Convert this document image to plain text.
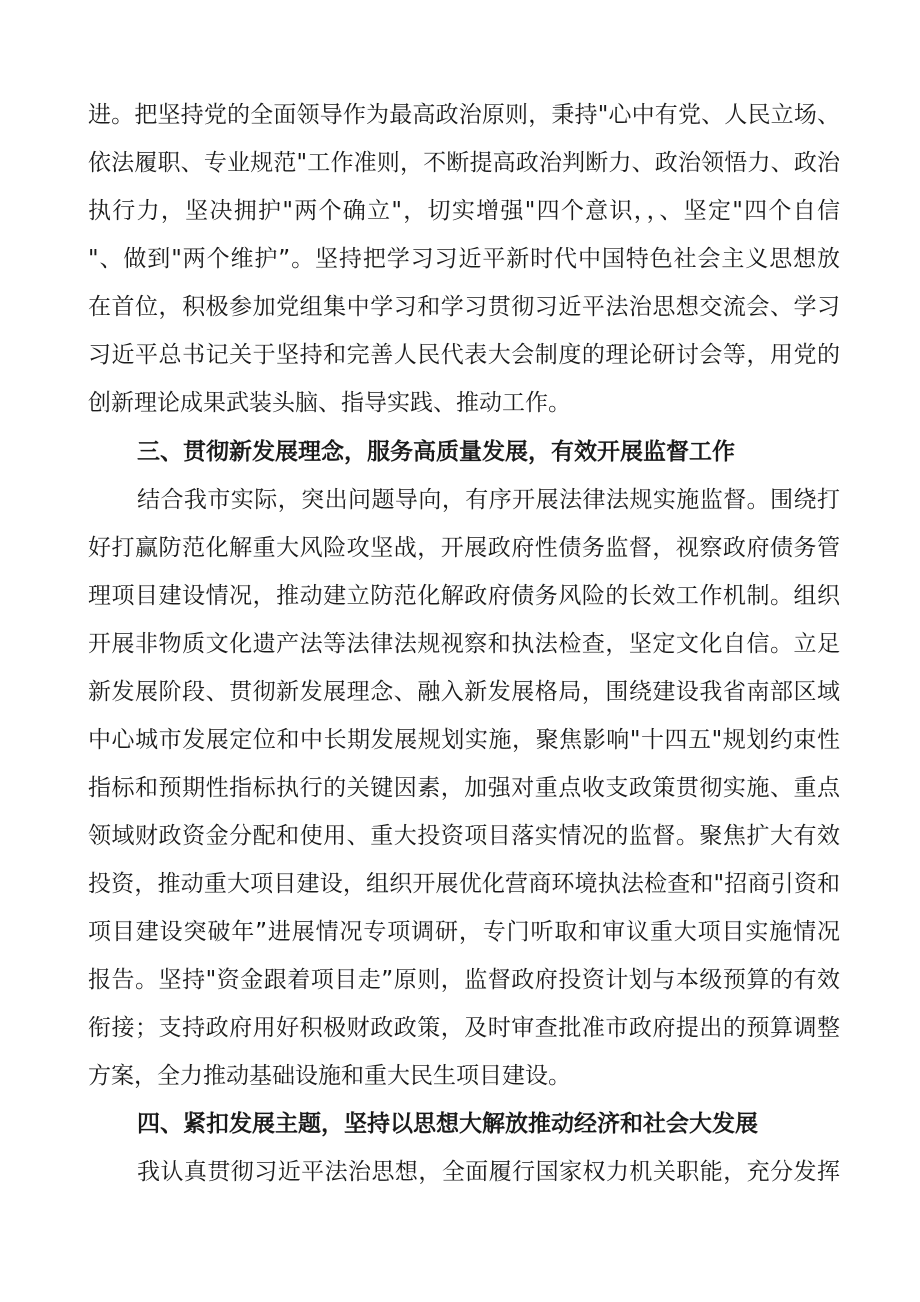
进。把坚持党的全面领导作为最高政治原则，秉持"心中有党、人民立场、
依法履职、专业规范"工作准则，不断提高政治判断力、政治领悟力、政治
执行力，坚决拥护"两个确立"，切实增强"四个意识，，、坚定"四个自信
"、做到"两个维护”。坚持把学习习近平新时代中国特色社会主义思想放
在首位，积极参加党组集中学习和学习贯彻习近平法治思想交流会、学习
习近平总书记关于坚持和完善人民代表大会制度的理论研讨会等，用党的
创新理论成果武装头脑、指导实践、推动工作。
三、贯彻新发展理念，服务高质量发展，有效开展监督工作
结合我市实际，突出问题导向，有序开展法律法规实施监督。围绕打
好打赢防范化解重大风险攻坚战，开展政府性债务监督，视察政府债务管
理项目建设情况，推动建立防范化解政府债务风险的长效工作机制。组织
开展非物质文化遗产法等法律法规视察和执法检查，坚定文化自信。立足
新发展阶段、贯彻新发展理念、融入新发展格局，围绕建设我省南部区域
中心城市发展定位和中长期发展规划实施，聚焦影响"十四五"规划约束性
指标和预期性指标执行的关键因素，加强对重点收支政策贯彻实施、重点
领域财政资金分配和使用、重大投资项目落实情况的监督。聚焦扩大有效
投资，推动重大项目建设，组织开展优化营商环境执法检查和"招商引资和
项目建设突破年”进展情况专项调研，专门听取和审议重大项目实施情况
报告。坚持"资金跟着项目走”原则，监督政府投资计划与本级预算的有效
衔接；支持政府用好积极财政政策，及时审查批准市政府提出的预算调整
方案，全力推动基础设施和重大民生项目建设。
四、紧扣发展主题，坚持以思想大解放推动经济和社会大发展
我认真贯彻习近平法治思想，全面履行国家权力机关职能，充分发挥
